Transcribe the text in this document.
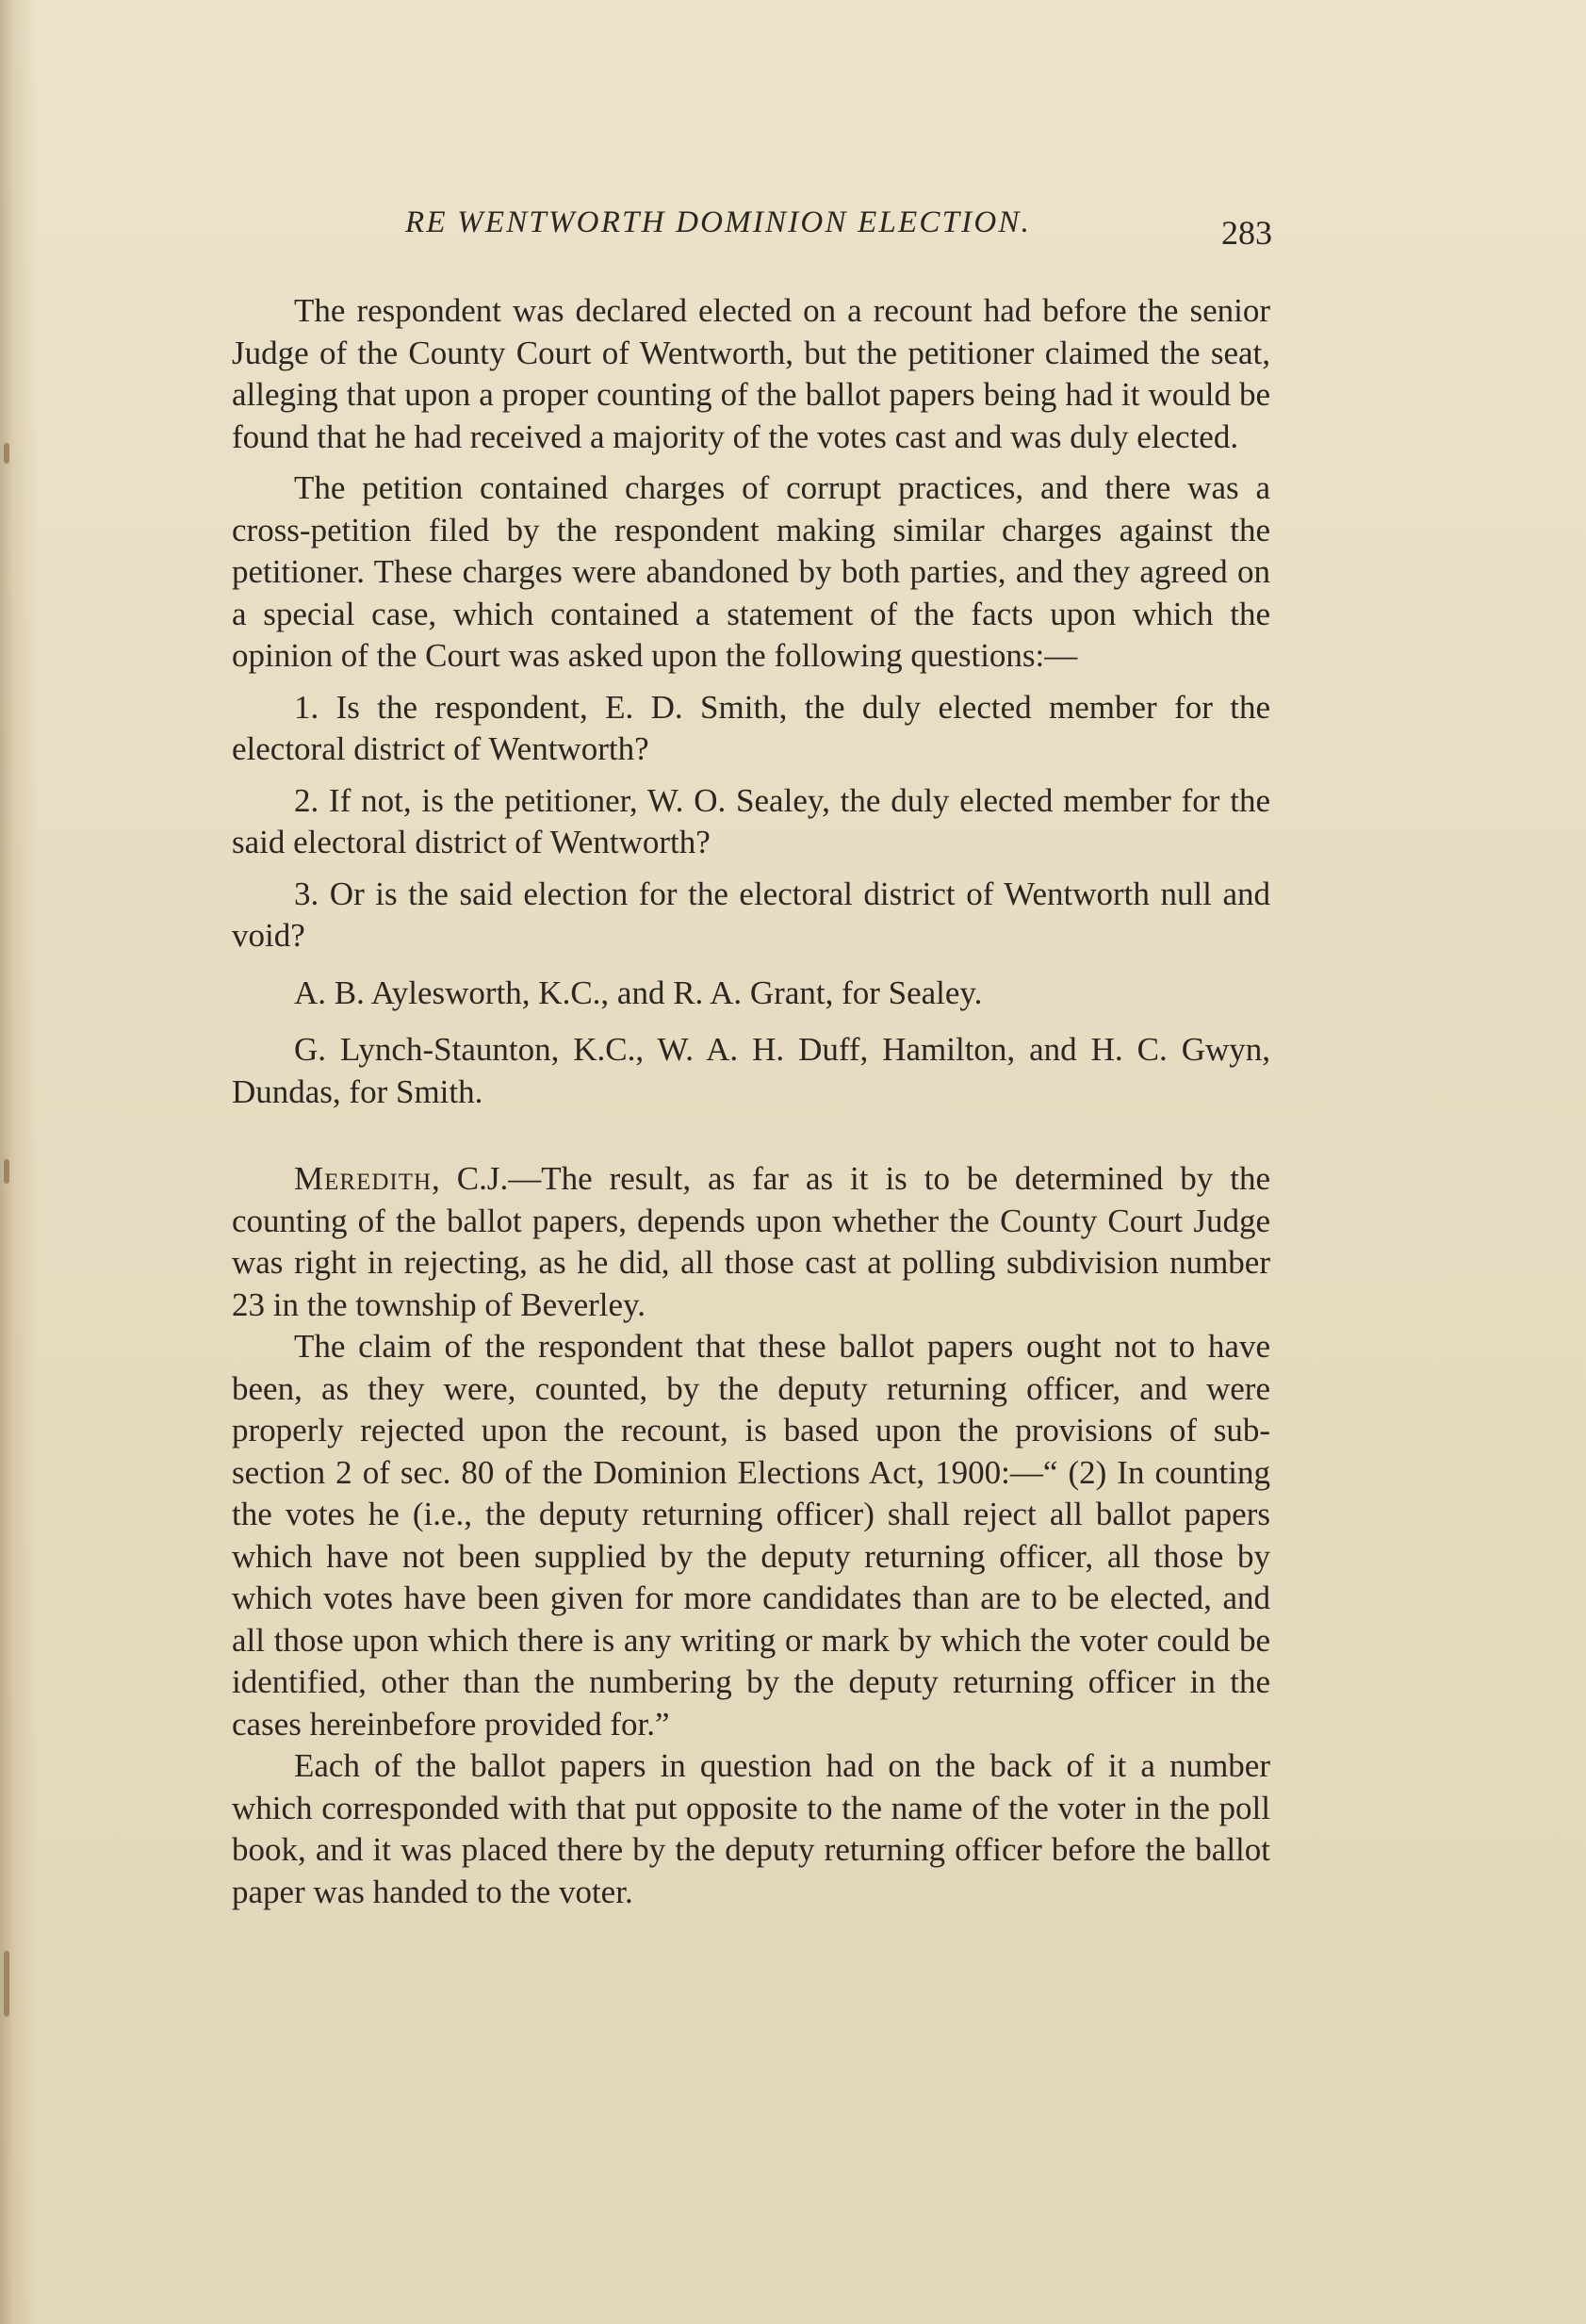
RE WENTWORTH DOMINION ELECTION.	283

The respondent was declared elected on a recount had before the senior Judge of the County Court of Wentworth, but the petitioner claimed the seat, alleging that upon a proper counting of the ballot papers being had it would be found that he had received a majority of the votes cast and was duly elected.

The petition contained charges of corrupt practices, and there was a cross-petition filed by the respondent making similar charges against the petitioner. These charges were abandoned by both parties, and they agreed on a special case, which contained a statement of the facts upon which the opinion of the Court was asked upon the following questions:—

1. Is the respondent, E. D. Smith, the duly elected member for the electoral district of Wentworth?

2. If not, is the petitioner, W. O. Sealey, the duly elected member for the said electoral district of Wentworth?

3. Or is the said election for the electoral district of Wentworth null and void?

A. B. Aylesworth, K.C., and R. A. Grant, for Sealey.

G. Lynch-Staunton, K.C., W. A. H. Duff, Hamilton, and H. C. Gwyn, Dundas, for Smith.

Meredith, C.J.—The result, as far as it is to be determined by the counting of the ballot papers, depends upon whether the County Court Judge was right in rejecting, as he did, all those cast at polling subdivision number 23 in the township of Beverley.

The claim of the respondent that these ballot papers ought not to have been, as they were, counted, by the deputy returning officer, and were properly rejected upon the recount, is based upon the provisions of sub-section 2 of sec. 80 of the Dominion Elections Act, 1900:—“ (2) In counting the votes he (i.e., the deputy returning officer) shall reject all ballot papers which have not been supplied by the deputy returning officer, all those by which votes have been given for more candidates than are to be elected, and all those upon which there is any writing or mark by which the voter could be identified, other than the numbering by the deputy returning officer in the cases hereinbefore provided for.”

Each of the ballot papers in question had on the back of it a number which corresponded with that put opposite to the name of the voter in the poll book, and it was placed there by the deputy returning officer before the ballot paper was handed to the voter.
